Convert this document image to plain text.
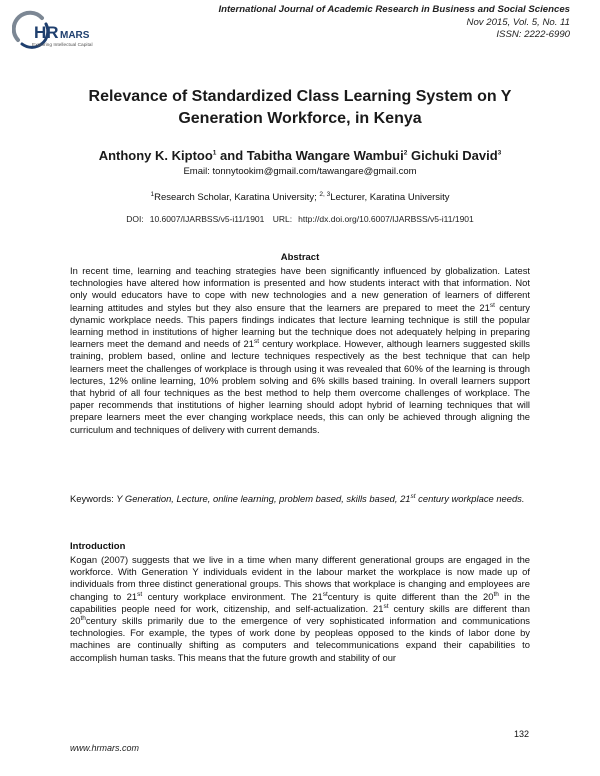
HR MARS
Exploring Intellectual Capital
International Journal of Academic Research in Business and Social Sciences
Nov 2015, Vol. 5, No. 11
ISSN: 2222-6990
Relevance of Standardized Class Learning System on Y
Generation Workforce, in Kenya
Anthony K. Kiptoo$^1$ and Tabitha Wangare Wambui$^2$ Gichuki David$^3$
Email: tonnytookim@gmail.com/tawangare@gmail.com
$^1$Research Scholar, Karatina University; $^{2, 3}$Lecturer, Karatina University
DOI: 10.6007/IJARBSS/v5-i11/1901 URL: http://dx.doi.org/10.6007/IJARBSS/v5-i11/1901
Abstract

In recent time, learning and teaching strategies have been significantly influenced by globalization. Latest technologies have altered how information is presented and how students interact with that information. Not only would educators have to cope with new technologies and a new generation of learners of different learning attitudes and styles but they also ensure that the learners are prepared to meet the 21st century dynamic workplace needs. This papers findings indicates that lecture learning technique is still the popular learning method in institutions of higher learning but the technique does not adequately helping in preparing learners meet the demand and needs of 21st century workplace. However, although learners suggested skills training, problem based, online and lecture techniques respectively as the best technique that can help learners meet the challenges of workplace is through using it was revealed that 60% of the learning is through lectures, 12% online learning, 10% problem solving and 6% skills based training. In overall learners support that hybrid of all four techniques as the best method to help them overcome challenges of workplace. The paper recommends that institutions of higher learning should adopt hybrid of learning techniques that will prepare learners meet the ever changing workplace needs, this can only be achieved through aligning the curriculum and techniques of delivery with current demands.

Keywords: Y Generation, Lecture, online learning, problem based, skills based, 21st century workplace needs.

Introduction

Kogan (2007) suggests that we live in a time when many different generational groups are engaged in the workforce. With Generation Y individuals evident in the labour market the workplace is now made up of individuals from three distinct generational groups. This shows that workplace is changing and employees are changing to 21st century workplace environment. The 21stcentury is quite different than the 20th in the capabilities people need for work, citizenship, and self-actualization. 21st century skills are different than 20thcentury skills primarily due to the emergence of very sophisticated information and communications technologies. For example, the types of work done by peopleas opposed to the kinds of labor done by machines are continually shifting as computers and telecommunications expand their capabilities to accomplish human tasks. This means that the future growth and stability of our

132
www.hrmars.com
